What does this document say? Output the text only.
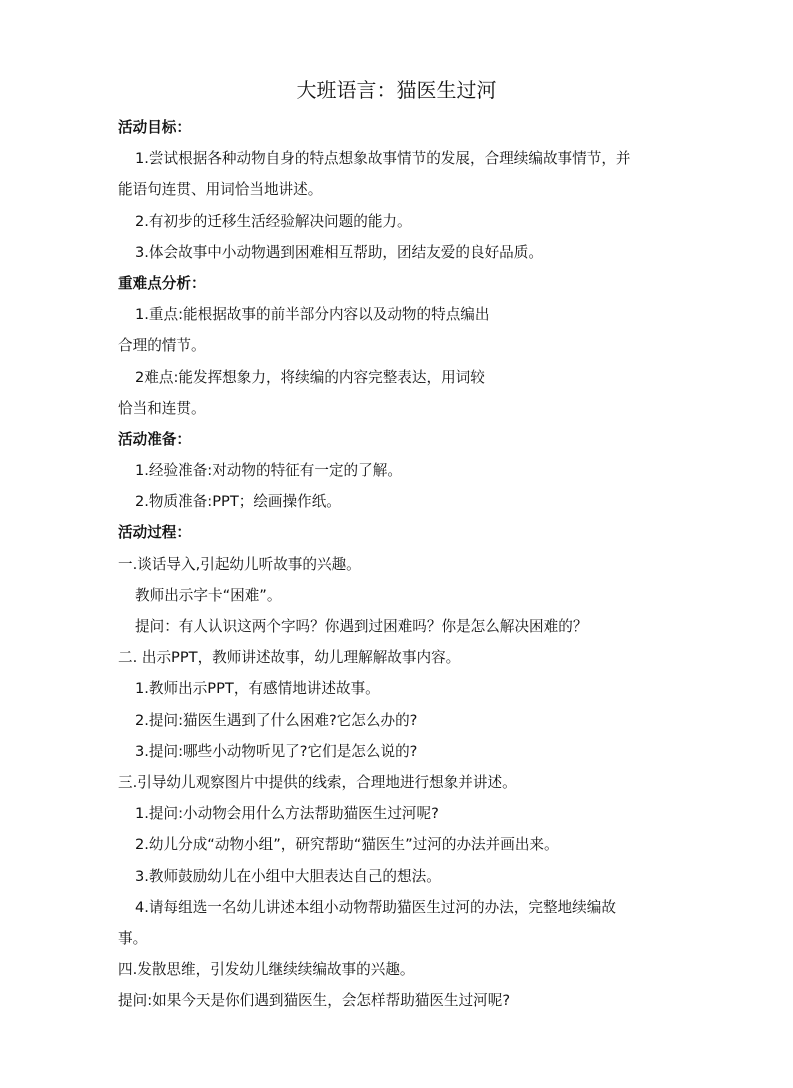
大班语言：猫医生过河
活动目标：
1.尝试根据各种动物自身的特点想象故事情节的发展，合理续编故事情节，并
能语句连贯、用词恰当地讲述。
2.有初步的迁移生活经验解决问题的能力。
3.体会故事中小动物遇到困难相互帮助，团结友爱的良好品质。
重难点分析：
1.重点:能根据故事的前半部分内容以及动物的特点编出
合理的情节。
2难点:能发挥想象力，将续编的内容完整表达，用词较
恰当和连贯。
活动准备：
1.经验准备:对动物的特征有一定的了解。
2.物质准备:PPT；绘画操作纸。
活动过程：
一.谈话导入,引起幼儿听故事的兴趣。
教师出示字卡“困难”。
提问：有人认识这两个字吗？你遇到过困难吗？你是怎么解决困难的？
二. 出示PPT，教师讲述故事，幼儿理解解故事内容。
1.教师出示PPT，有感情地讲述故事。
2.提问:猫医生遇到了什么困难?它怎么办的?
3.提问:哪些小动物听见了?它们是怎么说的?
三.引导幼儿观察图片中提供的线索，合理地进行想象并讲述。
1.提问:小动物会用什么方法帮助猫医生过河呢?
2.幼儿分成“动物小组”，研究帮助“猫医生”过河的办法并画出来。
3.教师鼓励幼儿在小组中大胆表达自己的想法。
4.请每组选一名幼儿讲述本组小动物帮助猫医生过河的办法，完整地续编故
事。
四.发散思维，引发幼儿继续续编故事的兴趣。
提问:如果今天是你们遇到猫医生，会怎样帮助猫医生过河呢?
